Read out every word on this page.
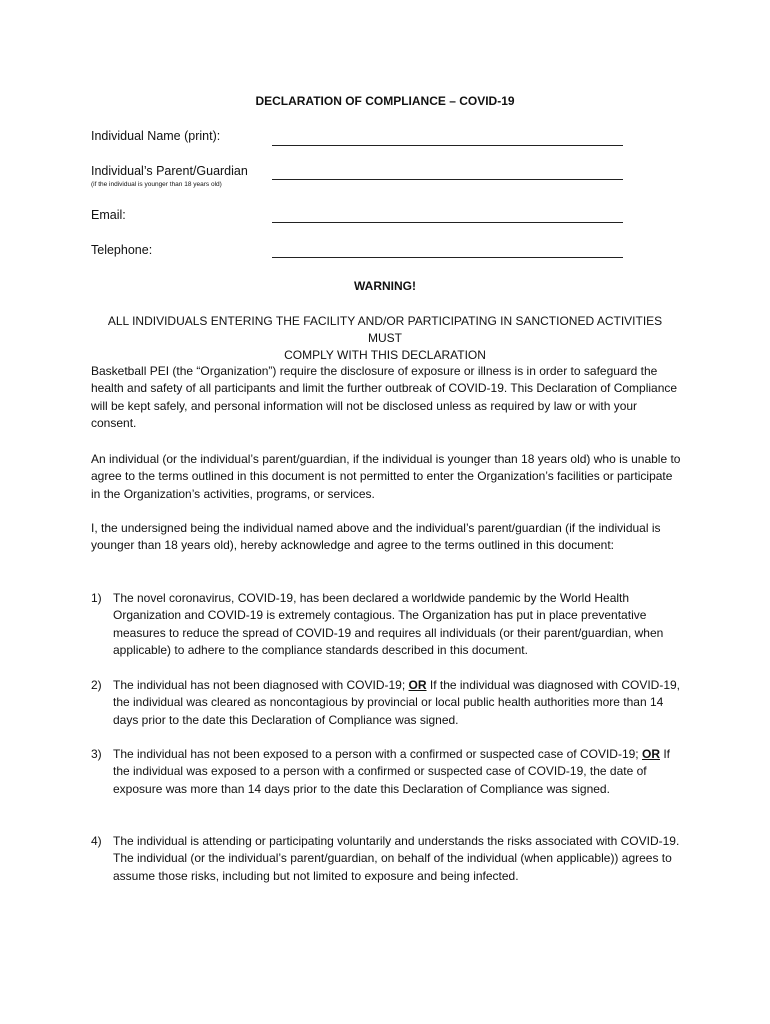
DECLARATION OF COMPLIANCE – COVID-19
Individual Name (print):
Individual’s Parent/Guardian
(if the individual is younger than 18 years old)
Email:
Telephone:
WARNING!
ALL INDIVIDUALS ENTERING THE FACILITY AND/OR PARTICIPATING IN SANCTIONED ACTIVITIES MUST
COMPLY WITH THIS DECLARATION
Basketball PEI (the “Organization”) require the disclosure of exposure or illness is in order to safeguard the health and safety of all participants and limit the further outbreak of COVID-19. This Declaration of Compliance will be kept safely, and personal information will not be disclosed unless as required by law or with your consent.
An individual (or the individual’s parent/guardian, if the individual is younger than 18 years old) who is unable to agree to the terms outlined in this document is not permitted to enter the Organization’s facilities or participate in the Organization’s activities, programs, or services.
I, the undersigned being the individual named above and the individual’s parent/guardian (if the individual is younger than 18 years old), hereby acknowledge and agree to the terms outlined in this document:
1) The novel coronavirus, COVID-19, has been declared a worldwide pandemic by the World Health Organization and COVID-19 is extremely contagious. The Organization has put in place preventative measures to reduce the spread of COVID-19 and requires all individuals (or their parent/guardian, when applicable) to adhere to the compliance standards described in this document.
2) The individual has not been diagnosed with COVID-19; OR If the individual was diagnosed with COVID-19, the individual was cleared as noncontagious by provincial or local public health authorities more than 14 days prior to the date this Declaration of Compliance was signed.
3) The individual has not been exposed to a person with a confirmed or suspected case of COVID-19; OR If the individual was exposed to a person with a confirmed or suspected case of COVID-19, the date of exposure was more than 14 days prior to the date this Declaration of Compliance was signed.
4) The individual is attending or participating voluntarily and understands the risks associated with COVID-19. The individual (or the individual’s parent/guardian, on behalf of the individual (when applicable)) agrees to assume those risks, including but not limited to exposure and being infected.
